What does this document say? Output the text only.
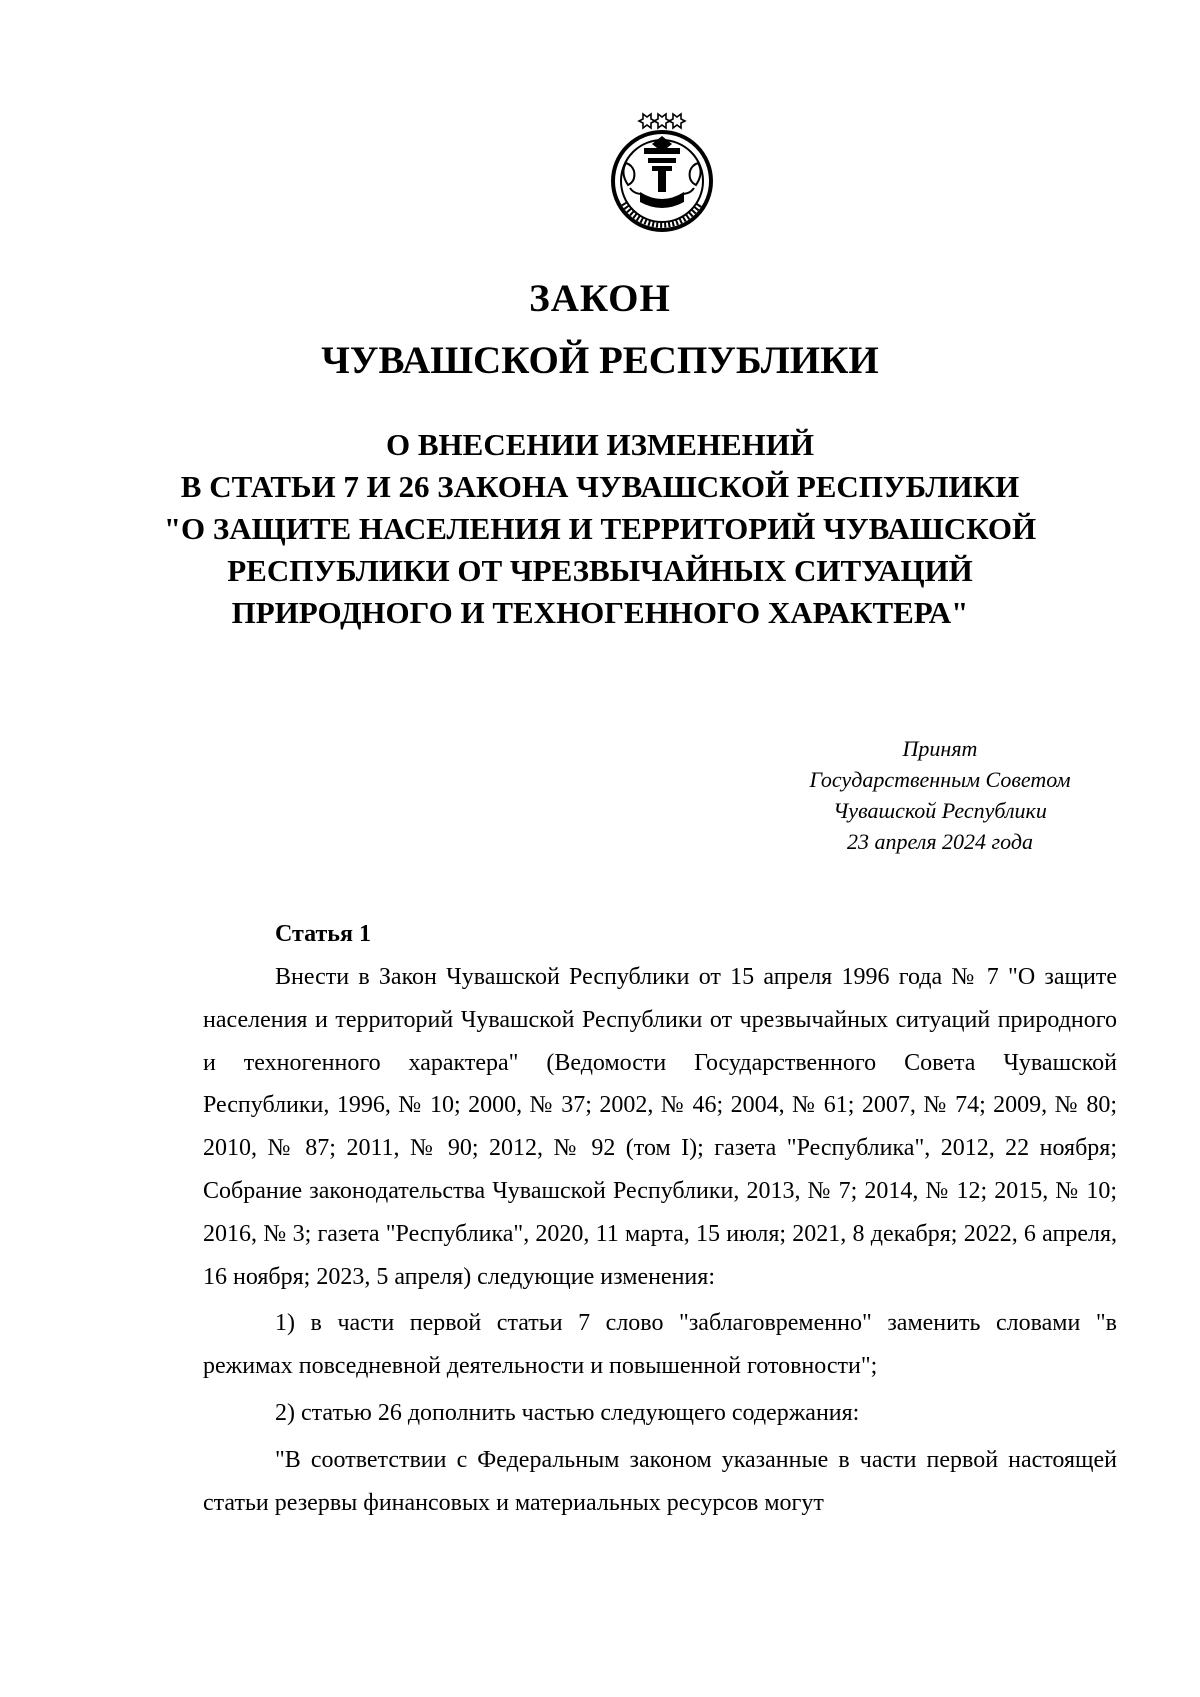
ЗАКОН
ЧУВАШСКОЙ РЕСПУБЛИКИ
О ВНЕСЕНИИ ИЗМЕНЕНИЙ
В СТАТЬИ 7 И 26 ЗАКОНА ЧУВАШСКОЙ РЕСПУБЛИКИ
"О ЗАЩИТЕ НАСЕЛЕНИЯ И ТЕРРИТОРИЙ ЧУВАШСКОЙ
РЕСПУБЛИКИ ОТ ЧРЕЗВЫЧАЙНЫХ СИТУАЦИЙ
ПРИРОДНОГО И ТЕХНОГЕННОГО ХАРАКТЕРА"
Принят
Государственным Советом
Чувашской Республики
23 апреля 2024 года
Статья 1

Внести в Закон Чувашской Республики от 15 апреля 1996 года № 7 "О защите населения и территорий Чувашской Республики от чрезвычайных ситуаций природного и техногенного характера" (Ведомости Государственного Совета Чувашской Республики, 1996, № 10; 2000, № 37; 2002, № 46; 2004, № 61; 2007, № 74; 2009, № 80; 2010, № 87; 2011, № 90; 2012, № 92 (том I); газета "Республика", 2012, 22 ноября; Собрание законодательства Чувашской Республики, 2013, № 7; 2014, № 12; 2015, № 10; 2016, № 3; газета "Республика", 2020, 11 марта, 15 июля; 2021, 8 декабря; 2022, 6 апреля, 16 ноября; 2023, 5 апреля) следующие изменения:

1) в части первой статьи 7 слово "заблаговременно" заменить словами "в режимах повседневной деятельности и повышенной готовности";

2) статью 26 дополнить частью следующего содержания:

"В соответствии с Федеральным законом указанные в части первой настоящей статьи резервы финансовых и материальных ресурсов могут
